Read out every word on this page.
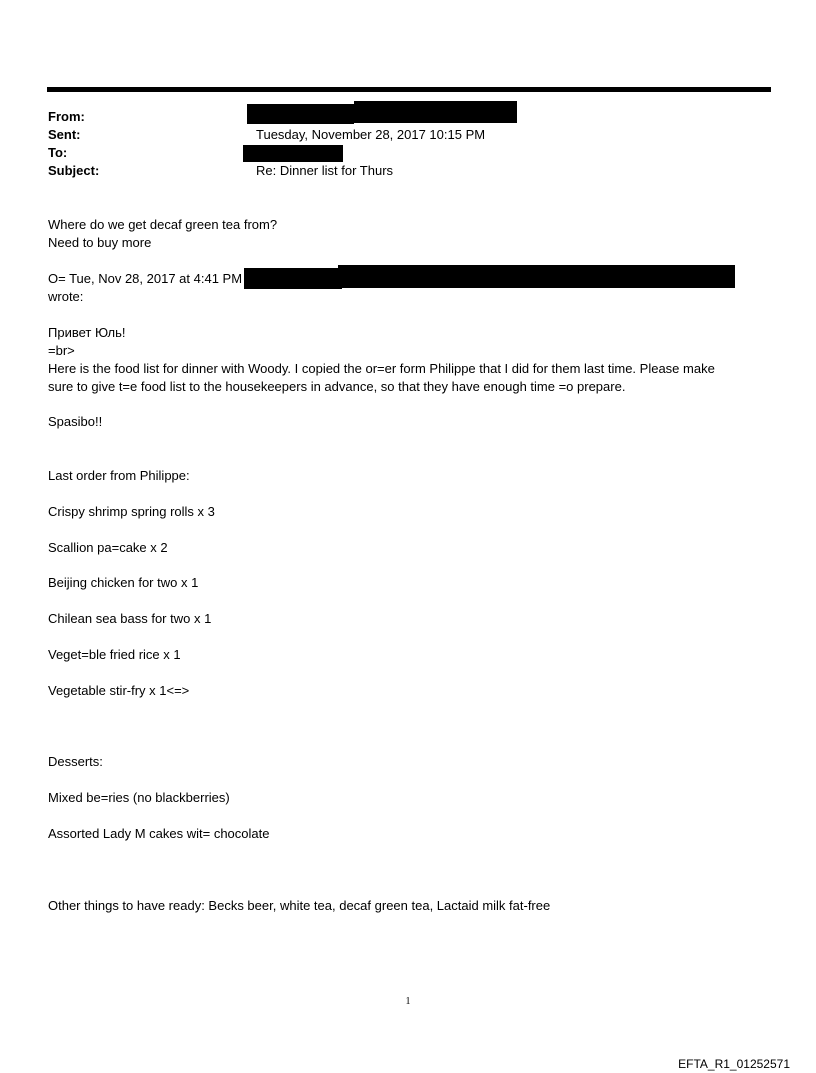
From:
Sent:
To:
Subject:
Tuesday, November 28, 2017 10:15 PM
Re: Dinner list for Thurs
Where do we get decaf green tea from?
Need to buy more
O= Tue, Nov 28, 2017 at 4:41 PM
wrote:
Привет Юль!
=br>
Here is the food list for dinner with Woody. I copied the or=er form Philippe that I did for them last time. Please make
sure to give t=e food list to the housekeepers in advance, so that they have enough time =o prepare.
Spasibo!!
Last order from Philippe:
Crispy shrimp spring rolls x 3
Scallion pa=cake x 2
Beijing chicken for two x 1
Chilean sea bass for two x 1
Veget=ble fried rice x 1
Vegetable stir-fry x 1<=>
Desserts:
Mixed be=ries (no blackberries)
Assorted Lady M cakes wit= chocolate
Other things to have ready: Becks beer, white tea, decaf green tea, Lactaid milk fat-free
1
EFTA_R1_01252571
